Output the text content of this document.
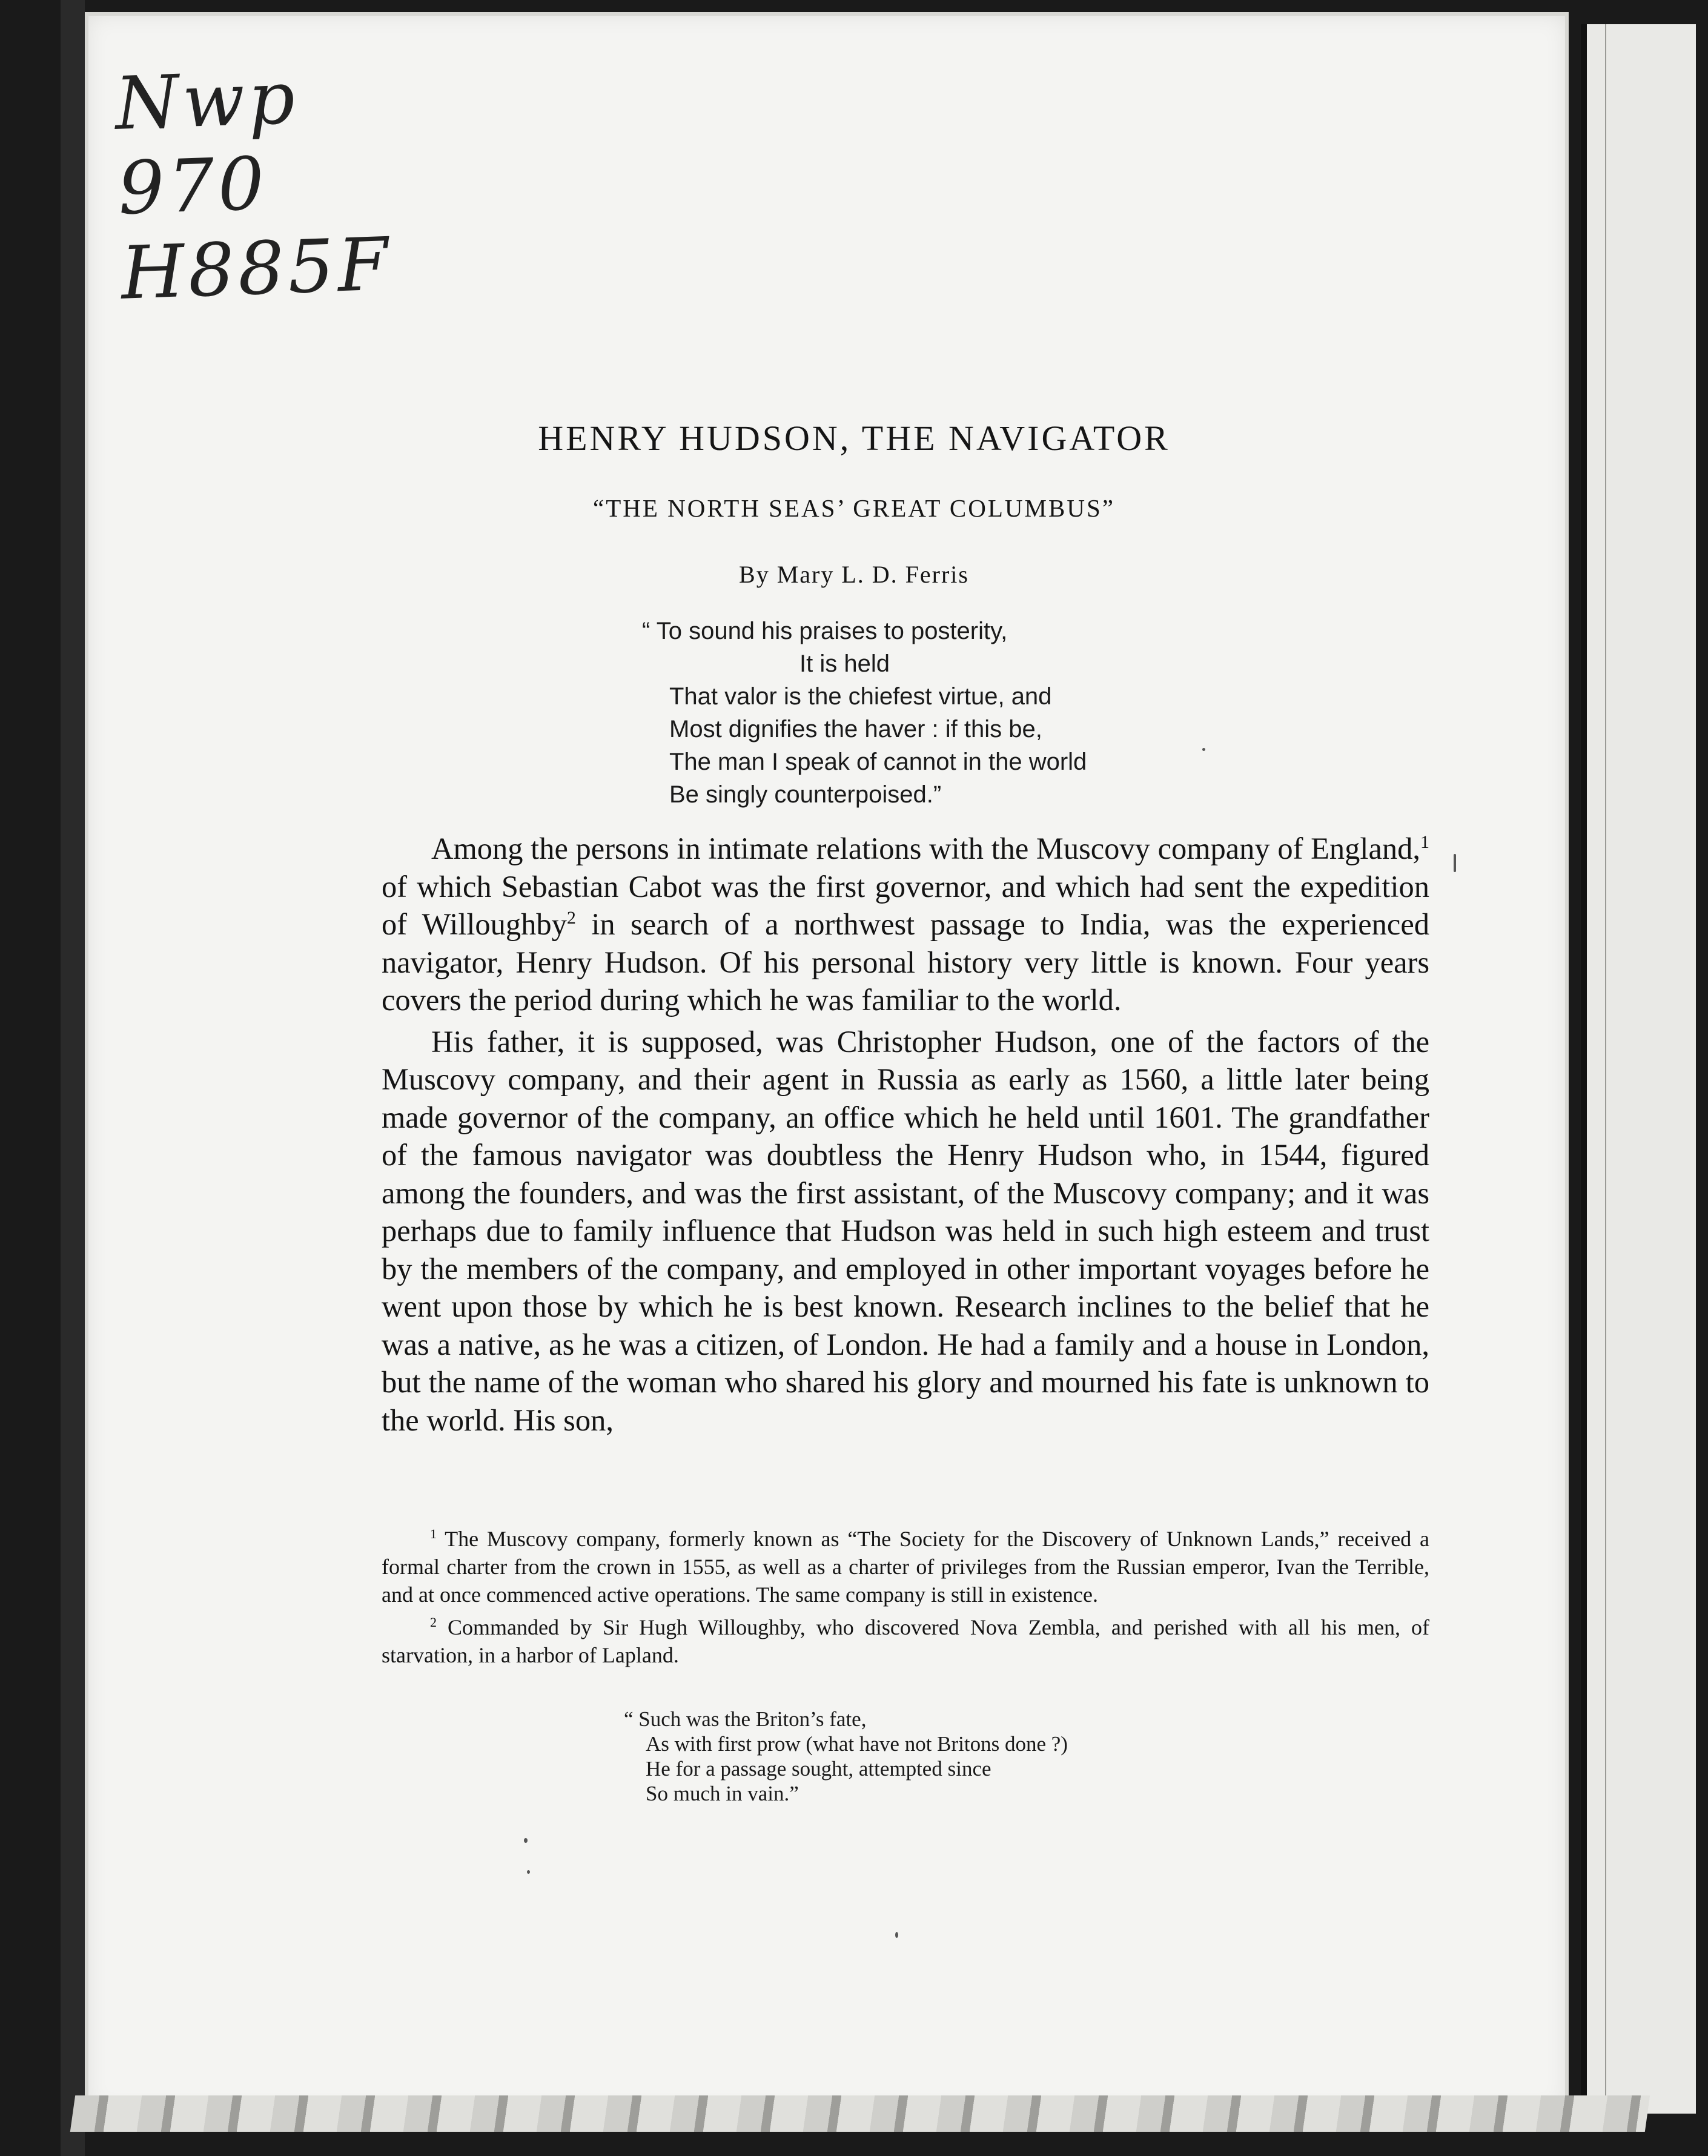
Nwp
970
H885F
HENRY HUDSON, THE NAVIGATOR
“THE NORTH SEAS’ GREAT COLUMBUS”
By Mary L. D. Ferris
“ To sound his praises to posterity,
It is held
That valor is the chiefest virtue, and
Most dignifies the haver : if this be,
The man I speak of cannot in the world
Be singly counterpoised.”

Among the persons in intimate relations with the Muscovy company of England,$^1$ of which Sebastian Cabot was the first governor, and which had sent the expedition of Willoughby$^2$ in search of a northwest passage to India, was the experienced navigator, Henry Hudson. Of his personal history very little is known. Four years covers the period during which he was familiar to the world.

His father, it is supposed, was Christopher Hudson, one of the factors of the Muscovy company, and their agent in Russia as early as 1560, a little later being made governor of the company, an office which he held until 1601. The grandfather of the famous navigator was doubtless the Henry Hudson who, in 1544, figured among the founders, and was the first assistant, of the Muscovy company; and it was perhaps due to family influence that Hudson was held in such high esteem and trust by the members of the company, and employed in other important voyages before he went upon those by which he is best known. Research inclines to the belief that he was a native, as he was a citizen, of London. He had a family and a house in London, but the name of the woman who shared his glory and mourned his fate is unknown to the world. His son,

$^1$ The Muscovy company, formerly known as “The Society for the Discovery of Unknown Lands,” received a formal charter from the crown in 1555, as well as a charter of privileges from the Russian emperor, Ivan the Terrible, and at once commenced active operations. The same company is still in existence.

$^2$ Commanded by Sir Hugh Willoughby, who discovered Nova Zembla, and perished with all his men, of starvation, in a harbor of Lapland.

“ Such was the Briton’s fate,
As with first prow (what have not Britons done ?)
He for a passage sought, attempted since
So much in vain.”
